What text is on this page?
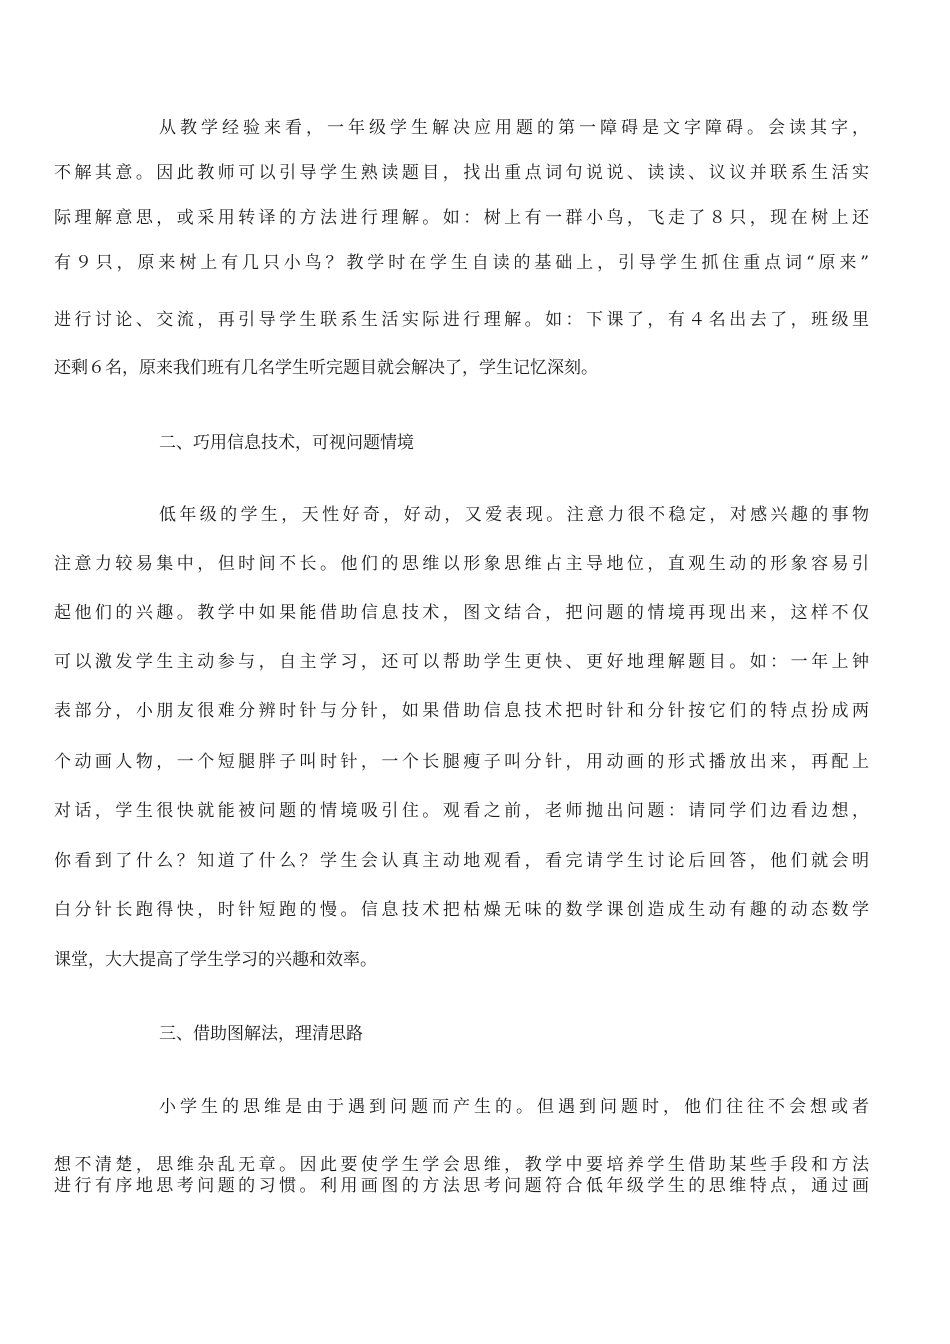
从教学经验来看，一年级学生解决应用题的第一障碍是文字障碍。会读其字，
不解其意。因此教师可以引导学生熟读题目，找出重点词句说说、读读、议议并联系生活实
际理解意思，或采用转译的方法进行理解。如：树上有一群小鸟，飞走了８只，现在树上还
有９只，原来树上有几只小鸟？教学时在学生自读的基础上，引导学生抓住重点词“原来”
进行讨论、交流，再引导学生联系生活实际进行理解。如：下课了，有４名出去了，班级里
还剩６名，原来我们班有几名学生听完题目就会解决了，学生记忆深刻。
二、巧用信息技术，可视问题情境
低年级的学生，天性好奇，好动，又爱表现。注意力很不稳定，对感兴趣的事物
注意力较易集中，但时间不长。他们的思维以形象思维占主导地位，直观生动的形象容易引
起他们的兴趣。教学中如果能借助信息技术，图文结合，把问题的情境再现出来，这样不仅
可以激发学生主动参与，自主学习，还可以帮助学生更快、更好地理解题目。如：一年上钟
表部分，小朋友很难分辨时针与分针，如果借助信息技术把时针和分针按它们的特点扮成两
个动画人物，一个短腿胖子叫时针，一个长腿瘦子叫分针，用动画的形式播放出来，再配上
对话，学生很快就能被问题的情境吸引住。观看之前，老师抛出问题：请同学们边看边想，
你看到了什么？知道了什么？学生会认真主动地观看，看完请学生讨论后回答，他们就会明
白分针长跑得快，时针短跑的慢。信息技术把枯燥无味的数学课创造成生动有趣的动态数学
课堂，大大提高了学生学习的兴趣和效率。
三、借助图解法，理清思路
小学生的思维是由于遇到问题而产生的。但遇到问题时，他们往往不会想或者
想不清楚，思维杂乱无章。因此要使学生学会思维，教学中要培养学生借助某些手段和方法
进行有序地思考问题的习惯。利用画图的方法思考问题符合低年级学生的思维特点，通过画
